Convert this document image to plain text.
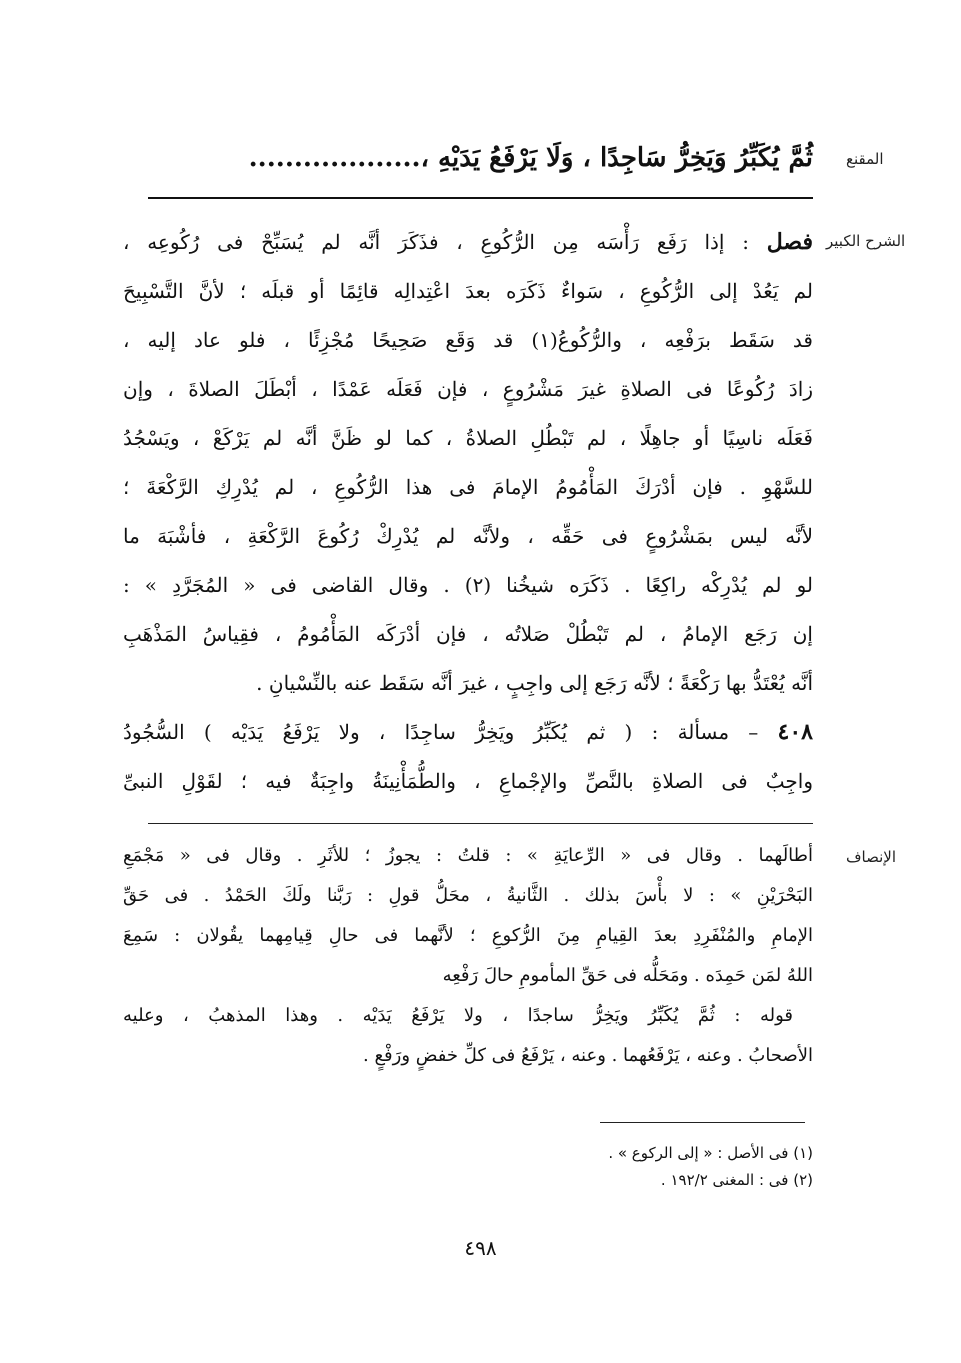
المقنع
ثُمَّ يُكَبِّرُ وَيَخِرُّ سَاجِدًا ، وَلَا يَرْفَعُ يَدَيْهِ ،...................
الشرح الكبير
فصل : إذا رَفَع رَأْسَه مِن الرُّكُوعِ ، فذَكَرَ أنَّه لم يُسَبِّحْ فى رُكُوعِه ،
لم يَعُدْ إلى الرُّكُوعِ ، سَواءٌ ذَكَرَه بعدَ اعْتِدالِه قائِمًا أو قبلَه ؛ لأنَّ التَّسْبِيحَ
قد سَقَط برَفْعِه ، والرُّكُوعُ(١) قد وَقَع صَحِيحًا مُجْزِئًا ، فلو عاد إليه ،
زادَ رُكُوعًا فى الصلاةِ غيرَ مَشْرُوعٍ ، فإن فَعَلَه عَمْدًا ، أبْطَلَ الصلاةَ ، وإن
فَعَلَه ناسِيًا أو جاهِلًا ، لم تَبْطُلِ الصلاةُ ، كما لو ظَنَّ أنَّه لم يَرْكَعْ ، ويَسْجُدُ
للسَّهْوِ . فإن أدْرَكَ المَأْمُومُ الإمامَ فى هذا الرُّكُوعِ ، لم يُدْرِكِ الرَّكْعَةَ ؛
لأنَّه ليس بمَشْرُوعٍ فى حَقِّه ، ولأنَّه لم يُدْرِكْ رُكُوعَ الرَّكْعَةِ ، فأشْبَهَ ما
لو لم يُدْرِكْه راكِعًا . ذَكَرَه شيخُنا (٢) . وقال القاضى فى « المُجَرَّدِ » :
إن رَجَع الإمامُ ، لم تَبْطُلْ صَلاتُه ، فإن أدْرَكَه المَأْمُومُ ، فقِياسُ المَذْهَبِ
أنَّه يُعْتَدُّ بها رَكْعَةً ؛ لأنَّه رَجَع إلى واجِبٍ ، غيرَ أنَّه سَقَط عنه بالنِّسْيانِ .
٤٠٨ – مسألة : ( ثم يُكَبِّرُ ويَخِرُّ ساجِدًا ، ولا يَرْفَعُ يَدَيْه ) السُّجُودُ
واجِبٌ فى الصلاةِ بالنَّصِّ والإجْماعِ ، والطُّمَأْنِينَةُ واجِبَةٌ فيه ؛ لقَوْلِ النبىِّ
الإنصاف
أطالَهما . وقال فى « الرِّعايَةِ » : قلتُ : يجوزُ ؛ للأثَرِ . وقال فى « مَجْمَعِ
البَحْرَيْنِ » : لا بأْسَ بذلك . الثَّانيةُ ، محَلُّ قولِ : رَبَّنا ولَكَ الحَمْدُ . فى حَقِّ
الإمامِ والمُنْفَرِدِ بعدَ القِيامِ مِنَ الرُّكوعِ ؛ لأنَّهما فى حالِ قِيامِهما يقُولان : سَمِعَ
اللهُ لمَن حَمِدَه . ومَحَلُّه فى حَقِّ المأمومِ حالَ رَفْعِه
قوله : ثُمَّ يُكَبِّرُ ويَخِرُّ ساجدًا ، ولا يَرْفَعُ يَدَيْه . وهذا المذهبُ ، وعليه
الأصحابُ . وعنه ، يَرْفَعُهما . وعنه ، يَرْفَعُ فى كلِّ خفضٍ ورَفْعٍ .
(١) فى الأصل : « إلى الركوع » .
(٢) فى : المغنى ١٩٢/٢ .
٤٩٨
